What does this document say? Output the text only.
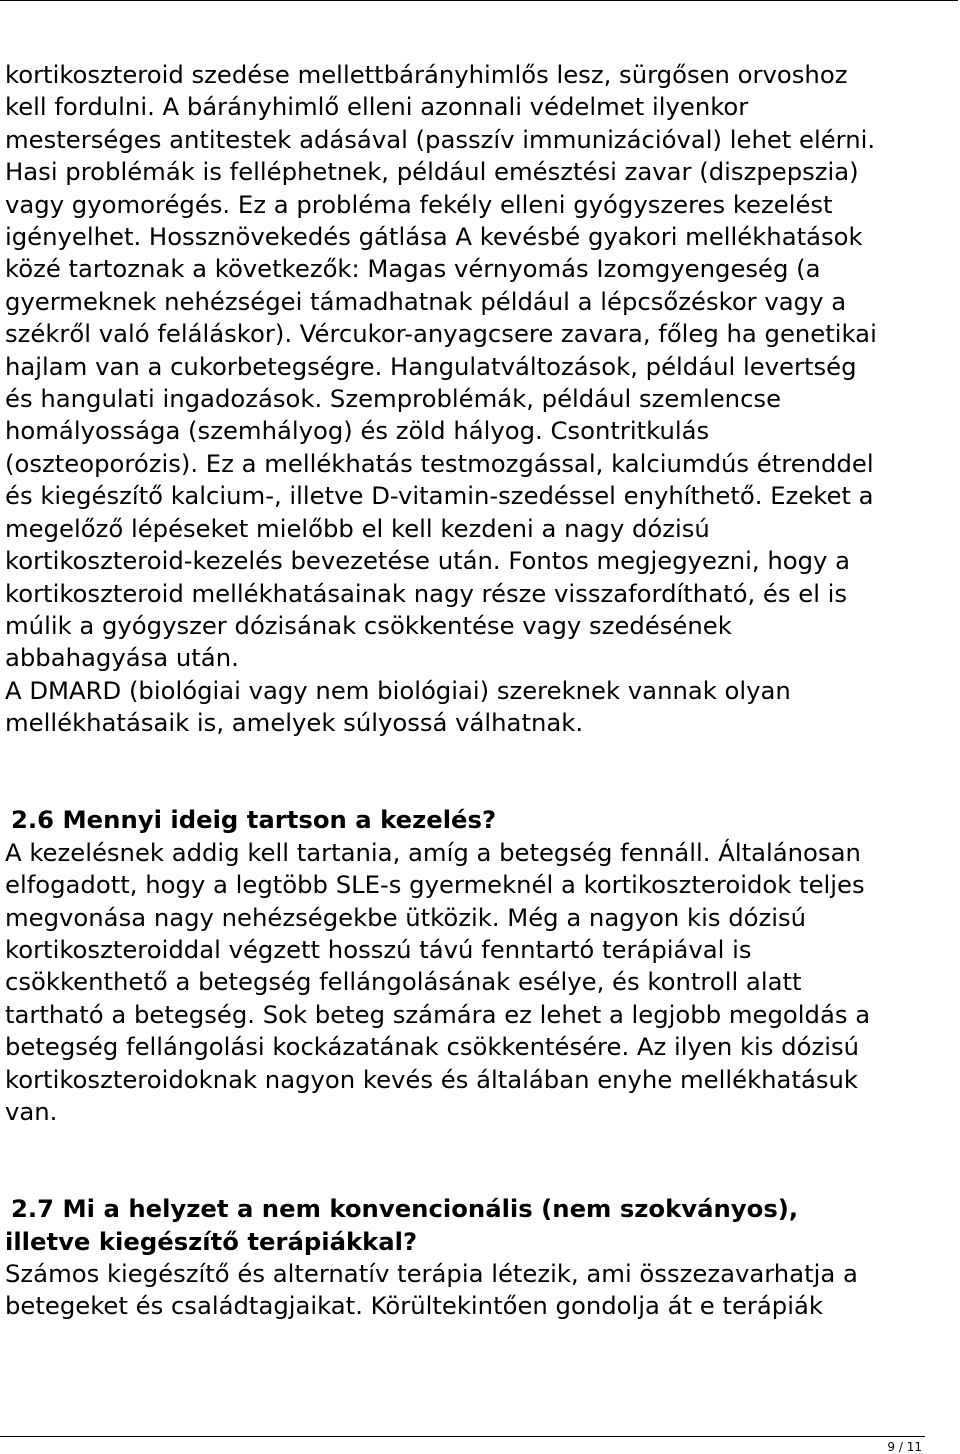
kortikoszteroid szedése mellettbárányhimlős lesz, sürgősen orvoshoz
kell fordulni. A bárányhimlő elleni azonnali védelmet ilyenkor
mesterséges antitestek adásával (passzív immunizációval) lehet elérni.
Hasi problémák is felléphetnek, például emésztési zavar (diszpepszia)
vagy gyomorégés. Ez a probléma fekély elleni gyógyszeres kezelést
igényelhet. Hossznövekedés gátlása A kevésbé gyakori mellékhatások
közé tartoznak a következők: Magas vérnyomás Izomgyengeség (a
gyermeknek nehézségei támadhatnak például a lépcsőzéskor vagy a
székről való feláláskor). Vércukor-anyagcsere zavara, főleg ha genetikai
hajlam van a cukorbetegségre. Hangulatváltozások, például levertség
és hangulati ingadozások. Szemproblémák, például szemlencse
homályossága (szemhályog) és zöld hályog. Csontritkulás
(oszteoporózis). Ez a mellékhatás testmozgással, kalciumdús étrenddel
és kiegészítő kalcium-, illetve D-vitamin-szedéssel enyhíthető. Ezeket a
megelőző lépéseket mielőbb el kell kezdeni a nagy dózisú
kortikoszteroid-kezelés bevezetése után. Fontos megjegyezni, hogy a
kortikoszteroid mellékhatásainak nagy része visszafordítható, és el is
múlik a gyógyszer dózisának csökkentése vagy szedésének
abbahagyása után.

A DMARD (biológiai vagy nem biológiai) szereknek vannak olyan
mellékhatásaik is, amelyek súlyossá válhatnak.

2.6 Mennyi ideig tartson a kezelés?

A kezelésnek addig kell tartania, amíg a betegség fennáll. Általánosan
elfogadott, hogy a legtöbb SLE-s gyermeknél a kortikoszteroidok teljes
megvonása nagy nehézségekbe ütközik. Még a nagyon kis dózisú
kortikoszteroiddal végzett hosszú távú fenntartó terápiával is
csökkenthető a betegség fellángolásának esélye, és kontroll alatt
tartható a betegség. Sok beteg számára ez lehet a legjobb megoldás a
betegség fellángolási kockázatának csökkentésére. Az ilyen kis dózisú
kortikoszteroidoknak nagyon kevés és általában enyhe mellékhatásuk
van.

2.7 Mi a helyzet a nem konvencionális (nem szokványos),

illetve kiegészítő terápiákkal?

Számos kiegészítő és alternatív terápia létezik, ami összezavarhatja a
betegeket és családtagjaikat. Körültekintően gondolja át e terápiák

9 / 11
